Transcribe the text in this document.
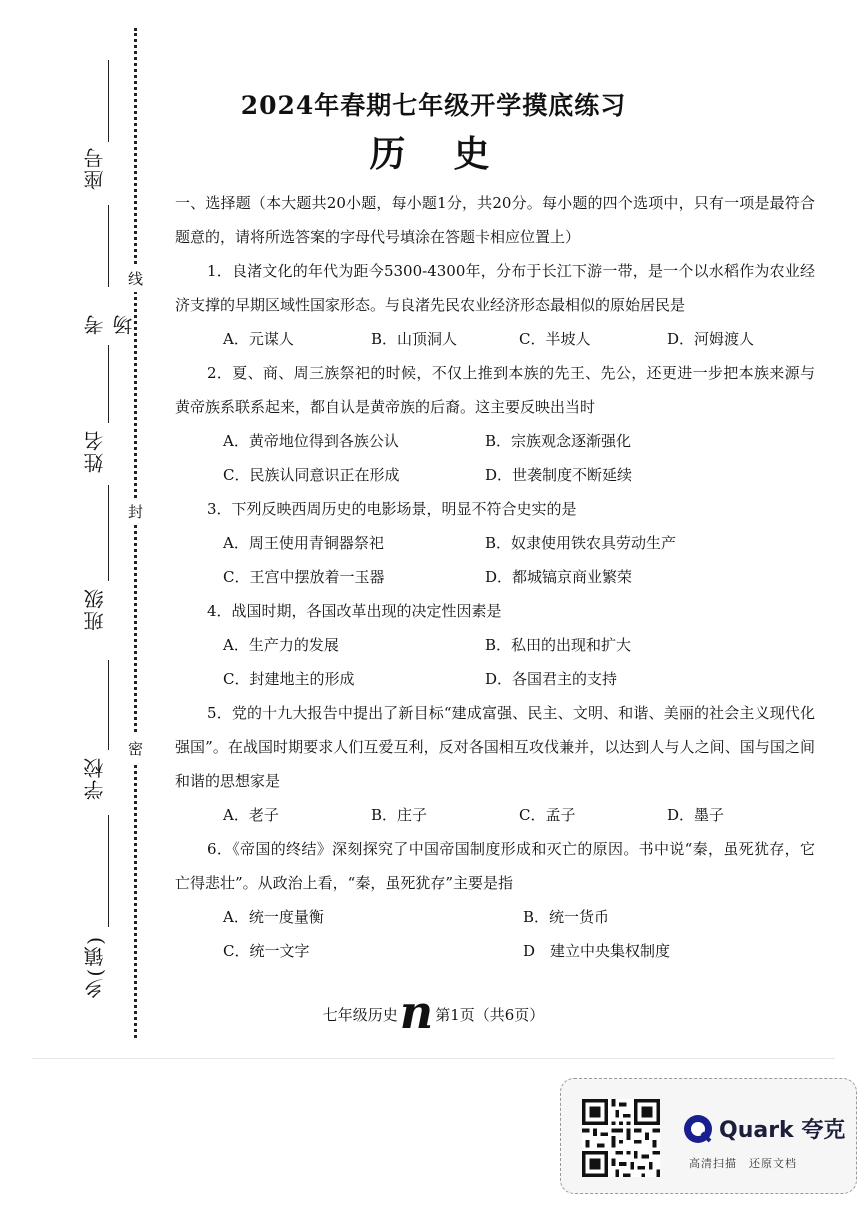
线
封
密
座号
考场
姓名
班级
学校
乡(镇)
2024年春期七年级开学摸底练习
历史

一、选择题（本大题共20小题，每小题1分，共20分。每小题的四个选项中，只有一项是最符合题意的，请将所选答案的字母代号填涂在答题卡相应位置上）

1．良渚文化的年代为距今5300-4300年，分布于长江下游一带，是一个以水稻作为农业经济支撑的早期区域性国家形态。与良渚先民农业经济形态最相似的原始居民是

A．元谋人	B．山顶洞人	C．半坡人	D．河姆渡人

2．夏、商、周三族祭祀的时候，不仅上推到本族的先王、先公，还更进一步把本族来源与黄帝族系联系起来，都自认是黄帝族的后裔。这主要反映出当时

A．黄帝地位得到各族公认	B．宗族观念逐渐强化
C．民族认同意识正在形成	D．世袭制度不断延续

3．下列反映西周历史的电影场景，明显不符合史实的是

A．周王使用青铜器祭祀	B．奴隶使用铁农具劳动生产
C．王宫中摆放着一玉器	D．都城镐京商业繁荣

4．战国时期，各国改革出现的决定性因素是

A．生产力的发展	B．私田的出现和扩大
C．封建地主的形成	D．各国君主的支持

5．党的十九大报告中提出了新目标“建成富强、民主、文明、和谐、美丽的社会主义现代化强国”。在战国时期要求人们互爱互利，反对各国相互攻伐兼并，以达到人与人之间、国与国之间和谐的思想家是

A．老子	B．庄子	C．孟子	D．墨子

6．《帝国的终结》深刻探究了中国帝国制度形成和灭亡的原因。书中说“秦，虽死犹存，它亡得悲壮”。从政治上看，“秦，虽死犹存”主要是指

A．统一度量衡	B．统一货币
C．统一文字	D　建立中央集权制度
七年级历史n 第1页（共6页）
Quark 夸克
高清扫描　还原文档
